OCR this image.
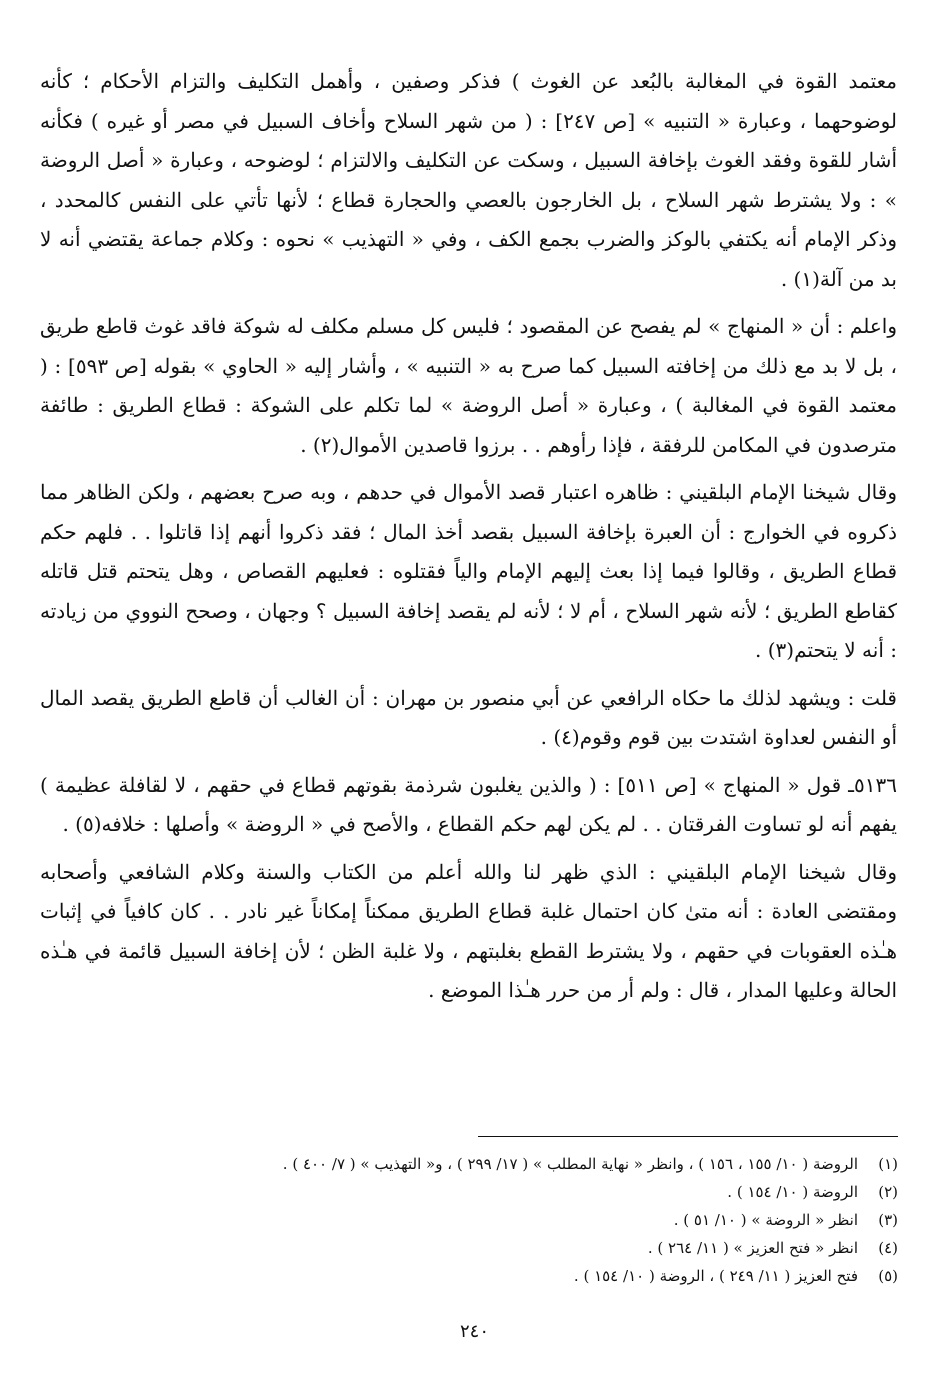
معتمد القوة في المغالبة بالبُعد عن الغوث ) فذكر وصفين ، وأهمل التكليف والتزام الأحكام ؛ كأنه لوضوحهما ، وعبارة « التنبيه » [ص ٢٤٧] : ( من شهر السلاح وأخاف السبيل في مصر أو غيره ) فكأنه أشار للقوة وفقد الغوث بإخافة السبيل ، وسكت عن التكليف والالتزام ؛ لوضوحه ، وعبارة « أصل الروضة » : ولا يشترط شهر السلاح ، بل الخارجون بالعصي والحجارة قطاع ؛ لأنها تأتي على النفس كالمحدد ، وذكر الإمام أنه يكتفي بالوكز والضرب بجمع الكف ، وفي « التهذيب » نحوه : وكلام جماعة يقتضي أنه لا بد من آلة(١) .

واعلم : أن « المنهاج » لم يفصح عن المقصود ؛ فليس كل مسلم مكلف له شوكة فاقد غوث قاطع طريق ، بل لا بد مع ذلك من إخافته السبيل كما صرح به « التنبيه » ، وأشار إليه « الحاوي » بقوله [ص ٥٩٣] : ( معتمد القوة في المغالبة ) ، وعبارة « أصل الروضة » لما تكلم على الشوكة : قطاع الطريق : طائفة مترصدون في المكامن للرفقة ، فإذا رأوهم . . برزوا قاصدين الأموال(٢) .

وقال شيخنا الإمام البلقيني : ظاهره اعتبار قصد الأموال في حدهم ، وبه صرح بعضهم ، ولكن الظاهر مما ذكروه في الخوارج : أن العبرة بإخافة السبيل بقصد أخذ المال ؛ فقد ذكروا أنهم إذا قاتلوا . . فلهم حكم قطاع الطريق ، وقالوا فيما إذا بعث إليهم الإمام والياً فقتلوه : فعليهم القصاص ، وهل يتحتم قتل قاتله كقاطع الطريق ؛ لأنه شهر السلاح ، أم لا ؛ لأنه لم يقصد إخافة السبيل ؟ وجهان ، وصحح النووي من زيادته : أنه لا يتحتم(٣) .

قلت : ويشهد لذلك ما حكاه الرافعي عن أبي منصور بن مهران : أن الغالب أن قاطع الطريق يقصد المال أو النفس لعداوة اشتدت بين قوم وقوم(٤) .

٥١٣٦ـ قول « المنهاج » [ص ٥١١] : ( والذين يغلبون شرذمة بقوتهم قطاع في حقهم ، لا لقافلة عظيمة ) يفهم أنه لو تساوت الفرقتان . . لم يكن لهم حكم القطاع ، والأصح في « الروضة » وأصلها : خلافه(٥) .

وقال شيخنا الإمام البلقيني : الذي ظهر لنا والله أعلم من الكتاب والسنة وكلام الشافعي وأصحابه ومقتضى العادة : أنه متىٰ كان احتمال غلبة قطاع الطريق ممكناً إمكاناً غير نادر . . كان كافياً في إثبات هـٰذه العقوبات في حقهم ، ولا يشترط القطع بغلبتهم ، ولا غلبة الظن ؛ لأن إخافة السبيل قائمة في هـٰذه الحالة وعليها المدار ، قال : ولم أر من حرر هـٰذا الموضع .

(١)
الروضة ( ١٠/ ١٥٥ ، ١٥٦ ) ، وانظر « نهاية المطلب » ( ١٧/ ٢٩٩ ) ، و« التهذيب » ( ٧/ ٤٠٠ ) .
(٢)
الروضة ( ١٠/ ١٥٤ ) .
(٣)
انظر « الروضة » ( ١٠/ ٥١ ) .
(٤)
انظر « فتح العزيز » ( ١١/ ٢٦٤ ) .
(٥)
فتح العزيز ( ١١/ ٢٤٩ ) ، الروضة ( ١٠/ ١٥٤ ) .
٢٤٠
